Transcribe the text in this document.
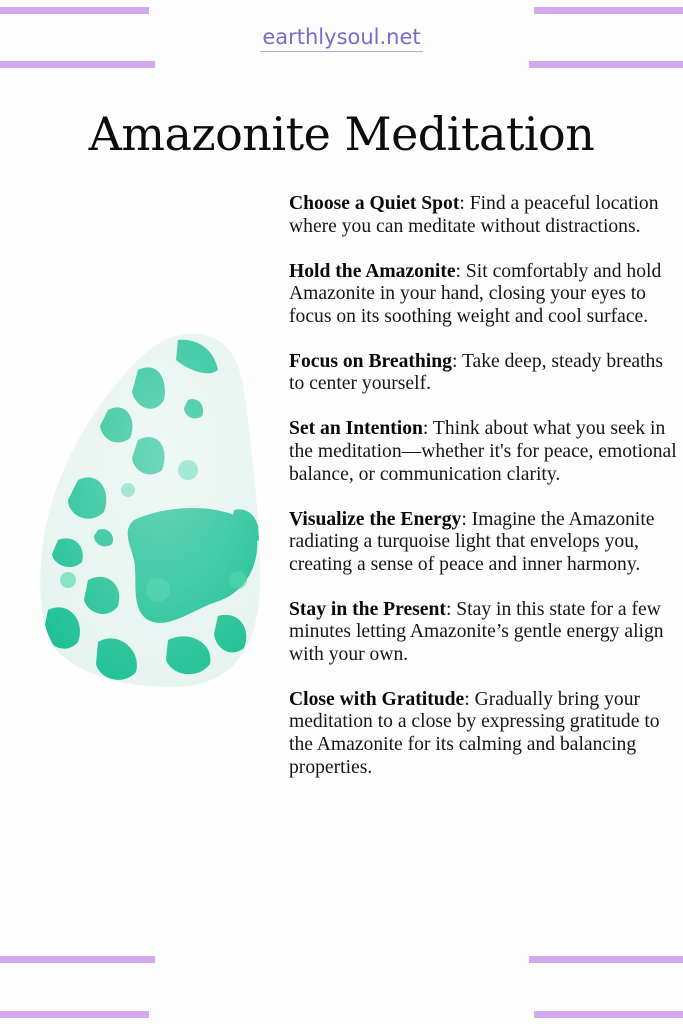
earthlysoul.net
Amazonite Meditation
Choose a Quiet Spot: Find a peaceful location where you can meditate without distractions.
Hold the Amazonite: Sit comfortably and hold Amazonite in your hand, closing your eyes to focus on its soothing weight and cool surface.
Focus on Breathing: Take deep, steady breaths to center yourself.
Set an Intention: Think about what you seek in the meditation—whether it's for peace, emotional balance, or communication clarity.
Visualize the Energy: Imagine the Amazonite radiating a turquoise light that envelops you, creating a sense of peace and inner harmony.
Stay in the Present: Stay in this state for a few minutes letting Amazonite’s gentle energy align with your own.
Close with Gratitude: Gradually bring your meditation to a close by expressing gratitude to the Amazonite for its calming and balancing properties.
